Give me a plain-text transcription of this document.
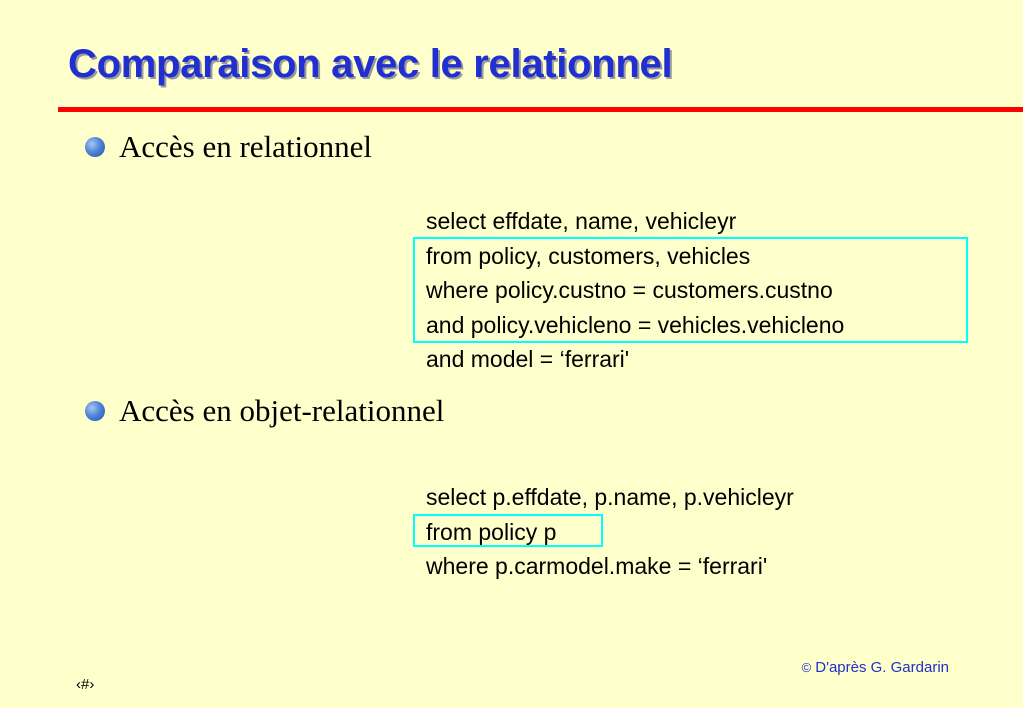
Comparaison avec le relationnel
Accès en relationnel
select effdate, name, vehicleyr
from policy, customers, vehicles
where policy.custno = customers.custno
and policy.vehicleno = vehicles.vehicleno
and model = ‘ferrari'
Accès en objet-relationnel
select p.effdate, p.name, p.vehicleyr
from policy p
where p.carmodel.make = ‘ferrari'
© D'après G. Gardarin
‹#›
